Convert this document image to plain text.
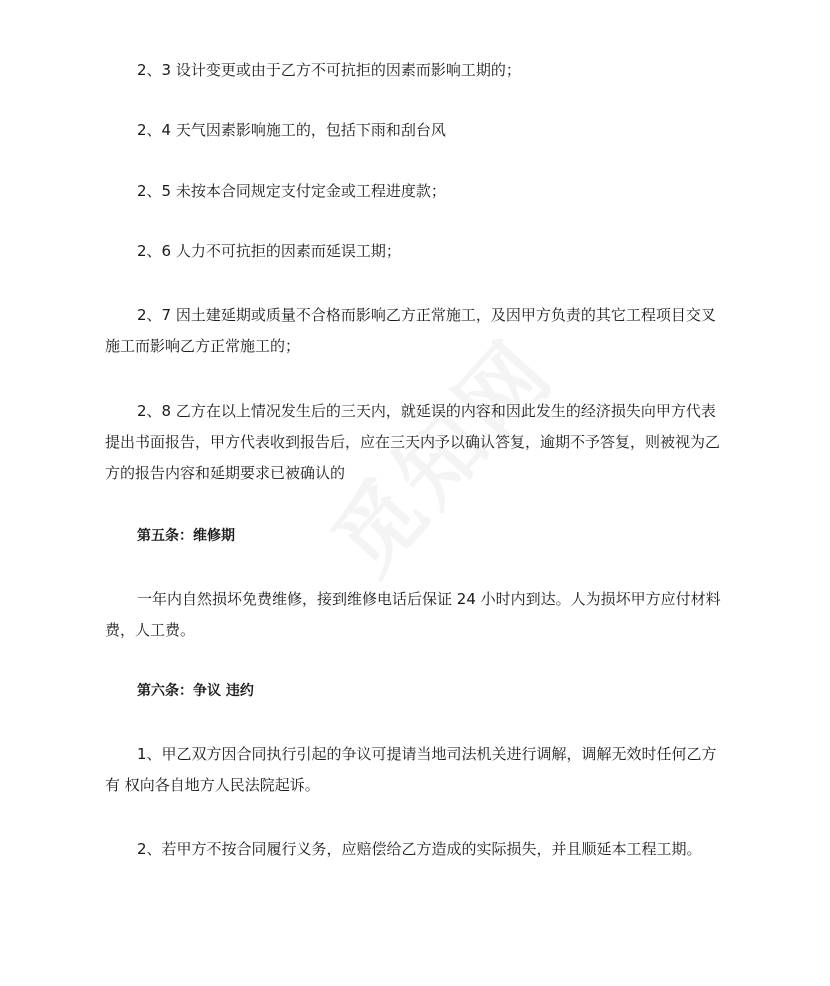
2、3 设计变更或由于乙方不可抗拒的因素而影响工期的；
2、4 天气因素影响施工的，包括下雨和刮台风
2、5 未按本合同规定支付定金或工程进度款；
2、6 人力不可抗拒的因素而延误工期；
2、7 因土建延期或质量不合格而影响乙方正常施工，及因甲方负责的其它工程项目交叉施工而影响乙方正常施工的；
2、8 乙方在以上情况发生后的三天内，就延误的内容和因此发生的经济损失向甲方代表提出书面报告，甲方代表收到报告后，应在三天内予以确认答复，逾期不予答复，则被视为乙方的报告内容和延期要求已被确认的
第五条：维修期
一年内自然损坏免费维修，接到维修电话后保证 24 小时内到达。人为损坏甲方应付材料费，人工费。
第六条：争议 违约
1、甲乙双方因合同执行引起的争议可提请当地司法机关进行调解，调解无效时任何乙方有 权向各自地方人民法院起诉。
2、若甲方不按合同履行义务，应赔偿给乙方造成的实际损失，并且顺延本工程工期。
